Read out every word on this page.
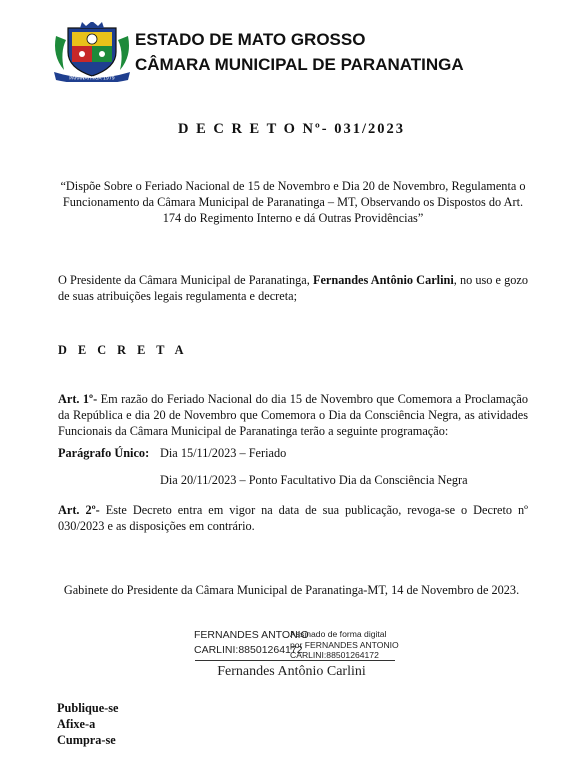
PARANATINGA 1979
ESTADO DE MATO GROSSO
CÂMARA MUNICIPAL DE PARANATINGA
D E C R E T O Nº- 031/2023
“Dispõe Sobre o Feriado Nacional de 15 de Novembro e Dia 20 de Novembro, Regulamenta o Funcionamento da Câmara Municipal de Paranatinga – MT, Observando os Dispostos do Art. 174 do Regimento Interno e dá Outras Providências”
O Presidente da Câmara Municipal de Paranatinga, Fernandes Antônio Carlini, no uso e gozo de suas atribuições legais regulamenta e decreta;
D E C R E T A
Art. 1º- Em razão do Feriado Nacional do dia 15 de Novembro que Comemora a Proclamação da República e dia 20 de Novembro que Comemora o Dia da Consciência Negra, as atividades Funcionais da Câmara Municipal de Paranatinga terão a seguinte programação:
Parágrafo Único: Dia 15/11/2023 – Feriado
Dia 20/11/2023 – Ponto Facultativo Dia da Consciência Negra
Art. 2º- Este Decreto entra em vigor na data de sua publicação, revoga-se o Decreto nº 030/2023 e as disposições em contrário.
Gabinete do Presidente da Câmara Municipal de Paranatinga-MT, 14 de Novembro de 2023.
FERNANDES ANTONIO
CARLINI:88501264172
Assinado de forma digital
por FERNANDES ANTONIO
CARLINI:88501264172
Fernandes Antônio Carlini
Publique-se
Afixe-a
Cumpra-se
